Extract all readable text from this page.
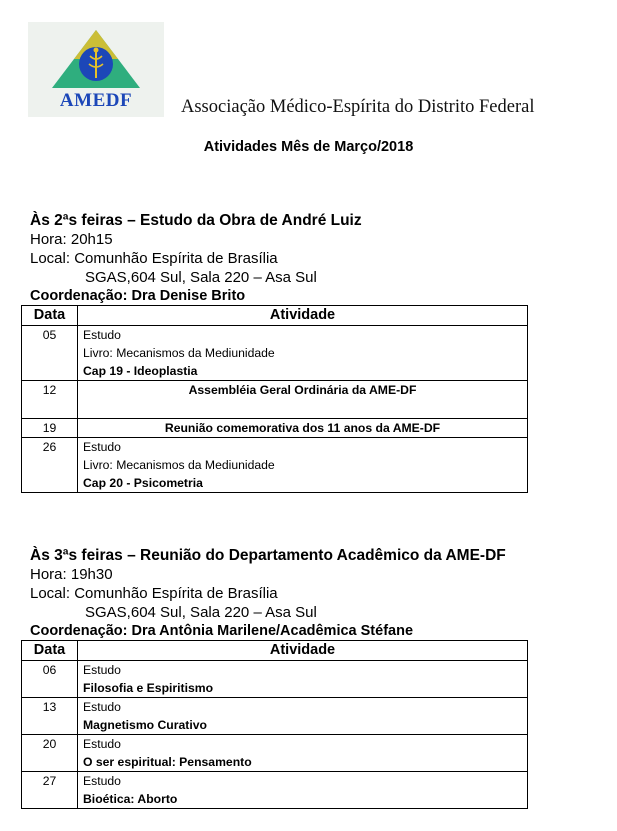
AMEDF	Associação Médico-Espírita do Distrito Federal
Atividades Mês de Março/2018
Às 2ªs feiras – Estudo da Obra de André Luiz
Hora: 20h15
Local: Comunhão Espírita de Brasília
SGAS,604 Sul, Sala 220 – Asa Sul
Coordenação: Dra Denise Brito
Data	Atividade
05	Estudo
Livro: Mecanismos da Mediunidade
Cap 19 - Ideoplastia

12	Assembléia Geral Ordinária da AME-DF
19	Reunião comemorativa dos 11 anos da AME-DF
26	Estudo
Livro: Mecanismos da Mediunidade
Cap 20 - Psicometria
Às 3ªs feiras – Reunião do Departamento Acadêmico da AME-DF
Hora: 19h30
Local: Comunhão Espírita de Brasília
SGAS,604 Sul, Sala 220 – Asa Sul
Coordenação: Dra Antônia Marilene/Acadêmica Stéfane
Data	Atividade
06	Estudo
Filosofia e Espiritismo

13	Estudo
Magnetismo Curativo

20	Estudo
O ser espiritual: Pensamento

27	Estudo
Bioética: Aborto
